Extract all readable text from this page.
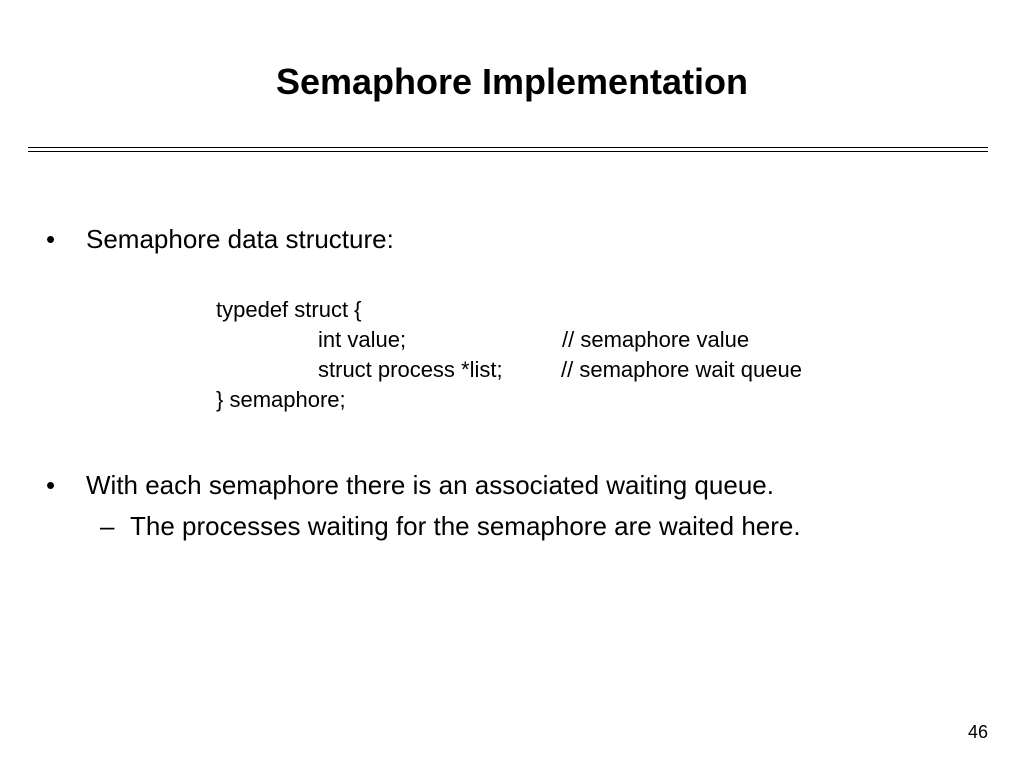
Semaphore Implementation
• Semaphore data structure:
typedef struct {
int value;	// semaphore value
struct process *list;	// semaphore wait queue
} semaphore;
• With each semaphore there is an associated waiting queue.
– The processes waiting for the semaphore are waited here.
46
